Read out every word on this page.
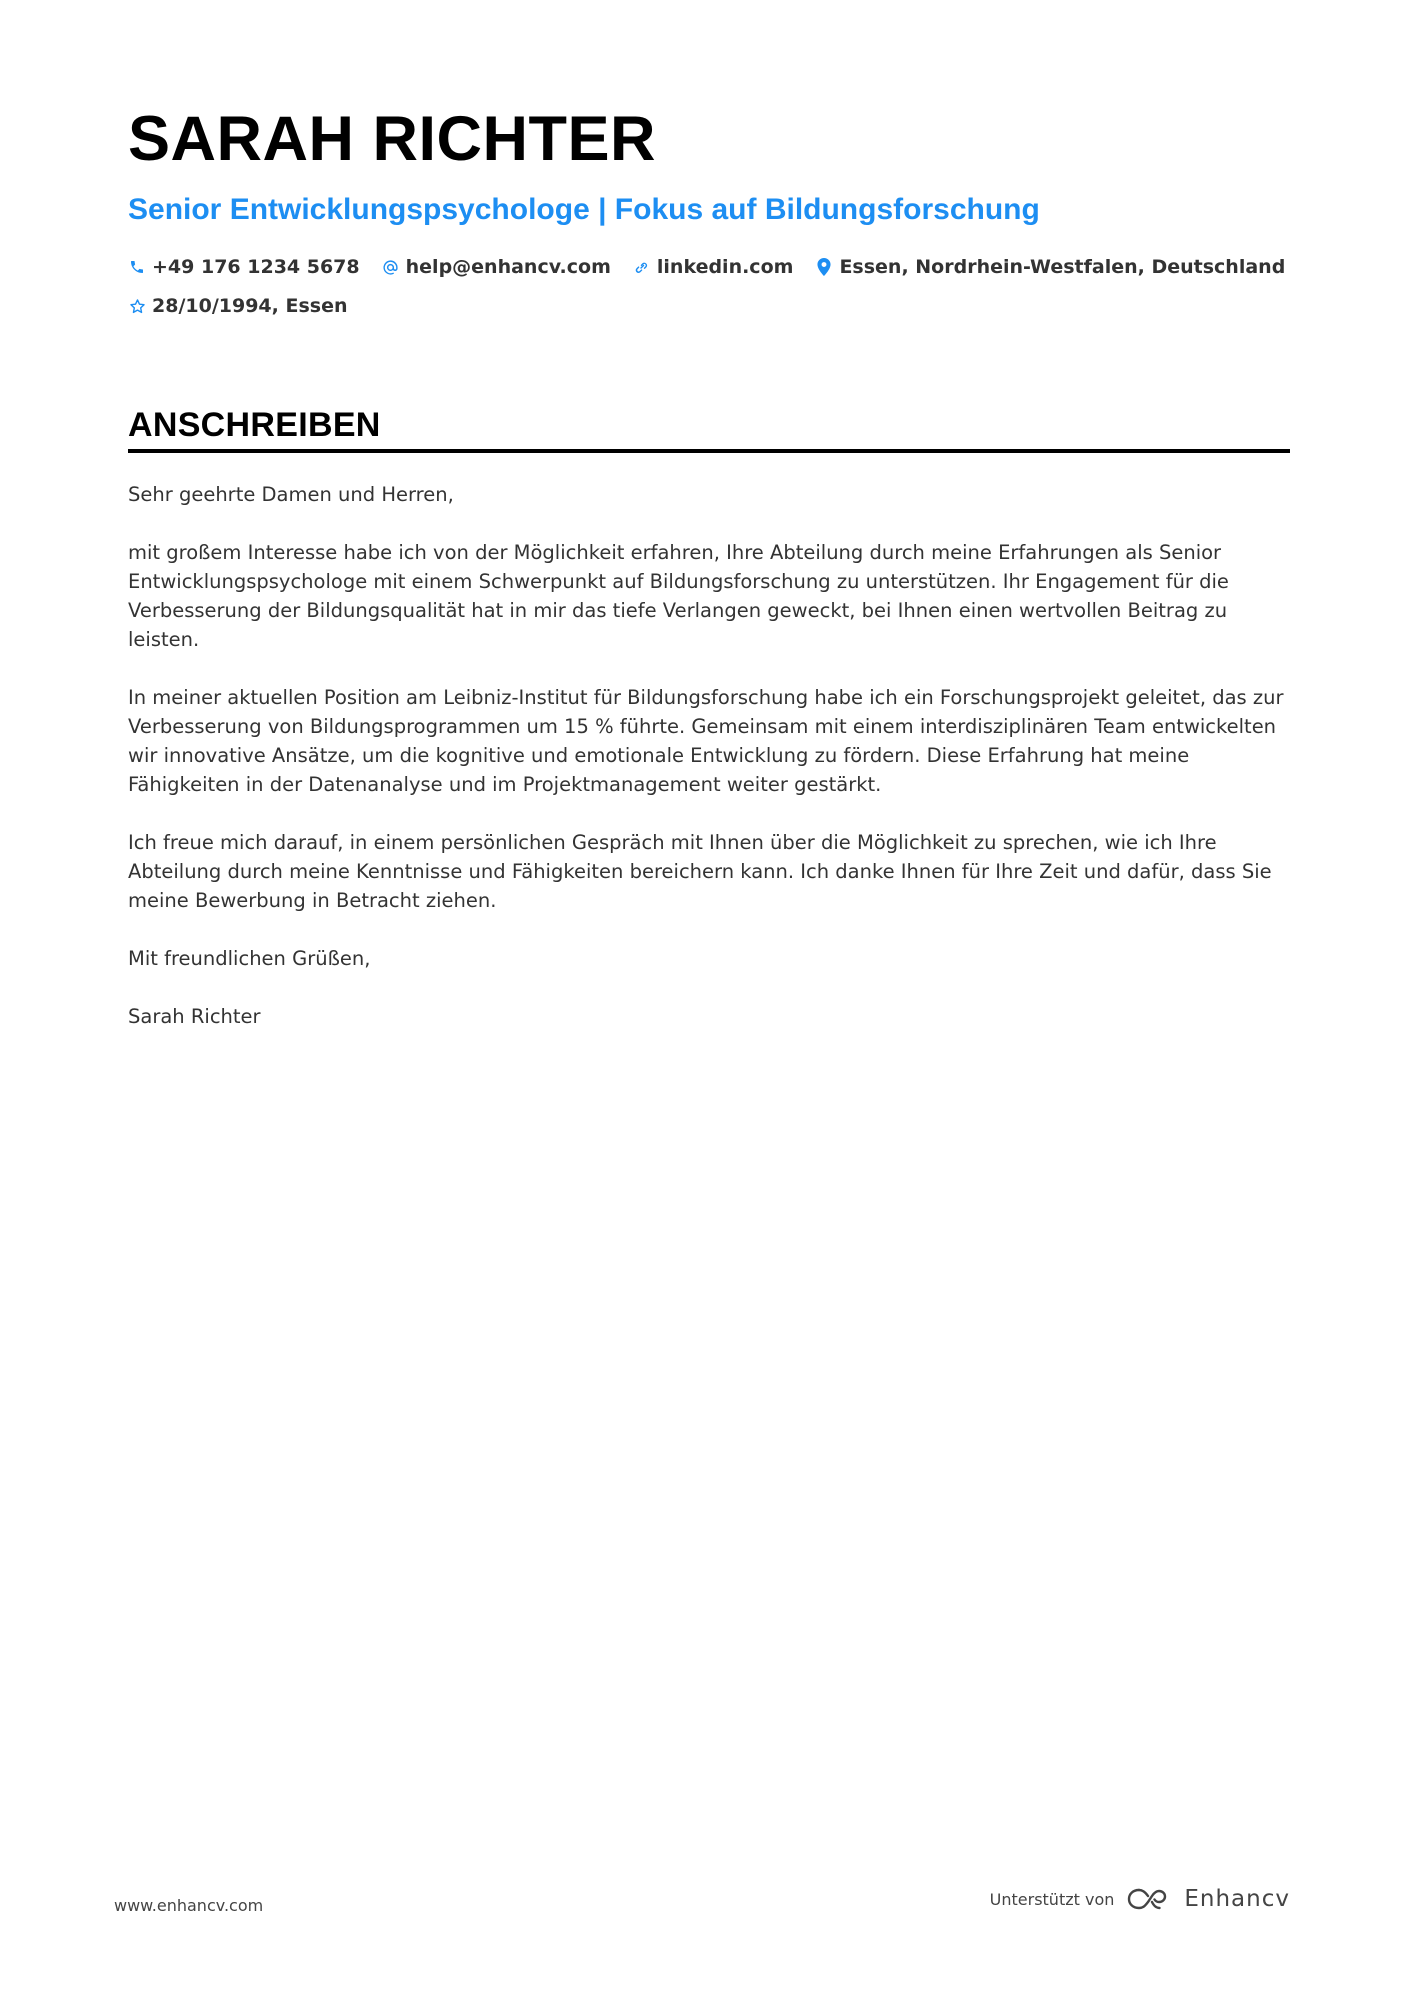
SARAH RICHTER
Senior Entwicklungspsychologe | Fokus auf Bildungsforschung
+49 176 1234 5678 help@enhancv.com linkedin.com Essen, Nordrhein-Westfalen, Deutschland
28/10/1994, Essen
ANSCHREIBEN

Sehr geehrte Damen und Herren,

mit großem Interesse habe ich von der Möglichkeit erfahren, Ihre Abteilung durch meine Erfahrungen als Senior Entwicklungspsychologe mit einem Schwerpunkt auf Bildungsforschung zu unterstützen. Ihr Engagement für die Verbesserung der Bildungsqualität hat in mir das tiefe Verlangen geweckt, bei Ihnen einen wertvollen Beitrag zu leisten.

In meiner aktuellen Position am Leibniz-Institut für Bildungsforschung habe ich ein Forschungsprojekt geleitet, das zur Verbesserung von Bildungsprogrammen um 15 % führte. Gemeinsam mit einem interdisziplinären Team entwickelten wir innovative Ansätze, um die kognitive und emotionale Entwicklung zu fördern. Diese Erfahrung hat meine Fähigkeiten in der Datenanalyse und im Projektmanagement weiter gestärkt.

Ich freue mich darauf, in einem persönlichen Gespräch mit Ihnen über die Möglichkeit zu sprechen, wie ich Ihre Abteilung durch meine Kenntnisse und Fähigkeiten bereichern kann. Ich danke Ihnen für Ihre Zeit und dafür, dass Sie meine Bewerbung in Betracht ziehen.

Mit freundlichen Grüßen,

Sarah Richter

www.enhancv.com	Unterstützt von	Enhancv
